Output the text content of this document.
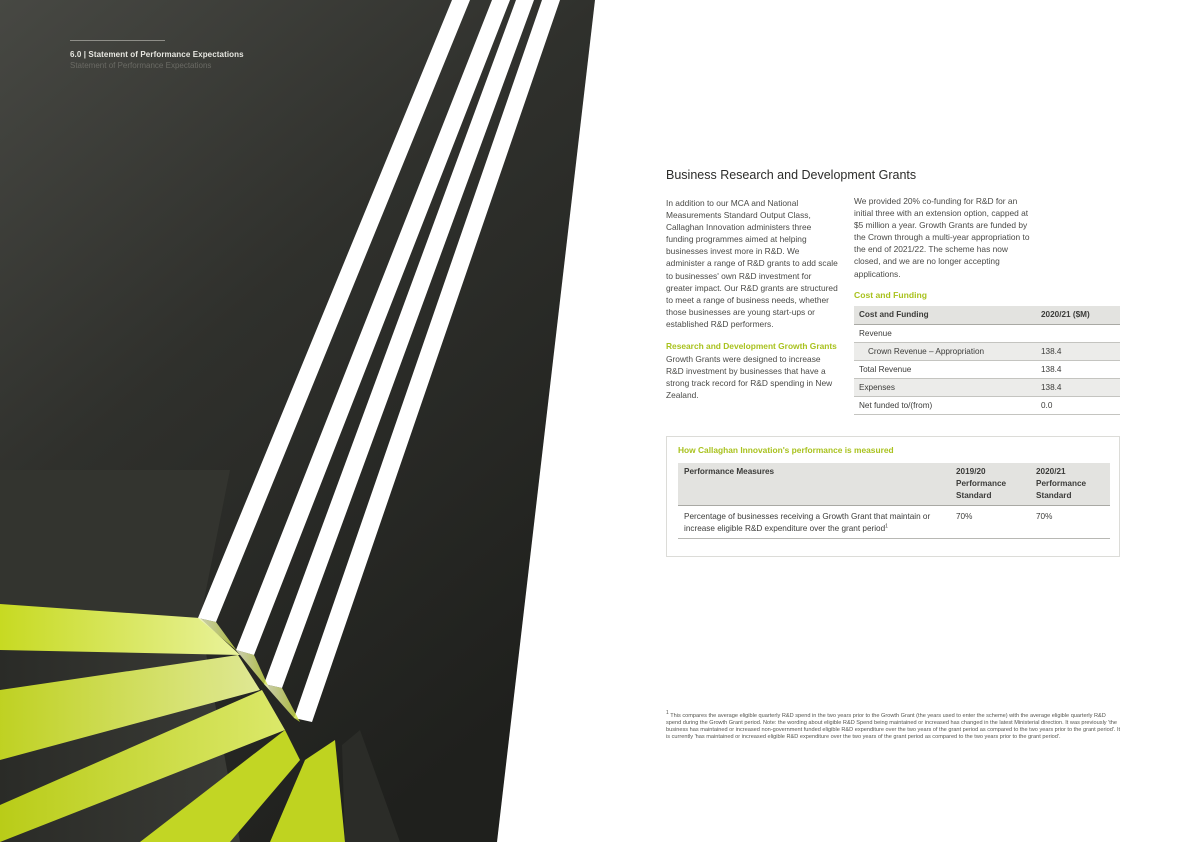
6.0 | Statement of Performance Expectations
Statement of Performance Expectations
Business Research and Development Grants

In addition to our MCA and National Measurements Standard Output Class, Callaghan Innovation administers three funding programmes aimed at helping businesses invest more in R&D. We administer a range of R&D grants to add scale to businesses' own R&D investment for greater impact. Our R&D grants are structured to meet a range of business needs, whether those businesses are young start-ups or established R&D performers.

Research and Development Growth Grants

Growth Grants were designed to increase R&D investment by businesses that have a strong track record for R&D spending in New Zealand.

We provided 20% co-funding for R&D for an initial three with an extension option, capped at $5 million a year. Growth Grants are funded by the Crown through a multi-year appropriation to the end of 2021/22. The scheme has now closed, and we are no longer accepting applications.

Cost and Funding
Cost and Funding	2020/21 ($M)
Revenue	
Crown Revenue – Appropriation	138.4
Total Revenue	138.4
Expenses	138.4
Net funded to/(from)	0.0
How Callaghan Innovation's performance is measured
Performance Measures	2019/20 Performance Standard	2020/21 Performance Standard
Percentage of businesses receiving a Growth Grant that maintain or increase eligible R&D expenditure over the grant period$^1$	70%	70%
$^1$ This compares the average eligible quarterly R&D spend in the two years prior to the Growth Grant (the years used to enter the scheme) with the average eligible quarterly R&D spend during the Growth Grant period. Note: the wording about eligible R&D Spend being maintained or increased has changed in the latest Ministerial direction. It was previously 'the business has maintained or increased non-government funded eligible R&D expenditure over the two years of the grant period as compared to the two years prior to the grant period'. It is currently 'has maintained or increased eligible R&D expenditure over the two years of the grant period as compared to the two years prior to the grant period'.
